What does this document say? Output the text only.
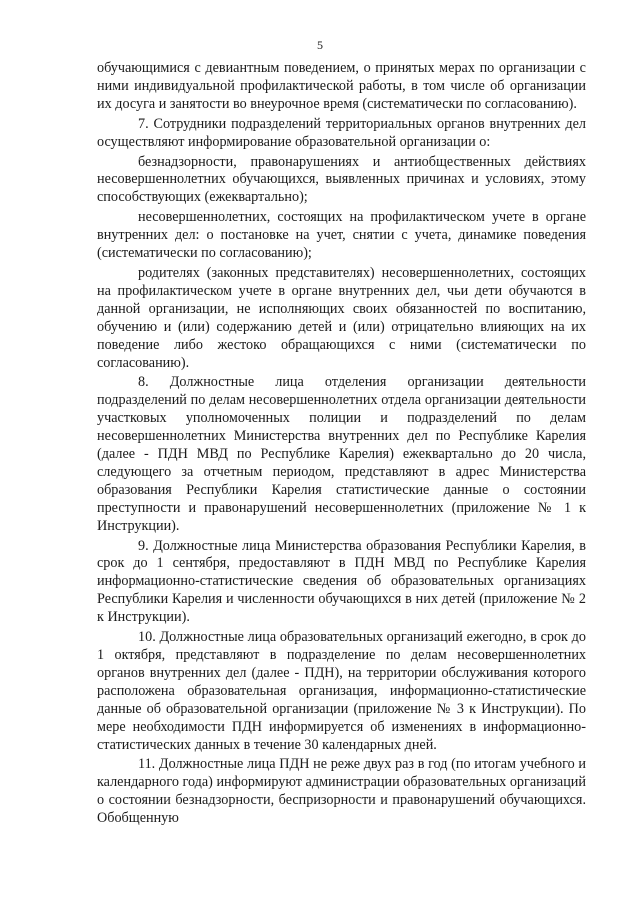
5

обучающимися с девиантным поведением, о принятых мерах по организации с ними индивидуальной профилактической работы, в том числе об организации их досуга и занятости во внеурочное время (систематически по согласованию).

7. Сотрудники подразделений территориальных органов внутренних дел осуществляют информирование образовательной организации о:

безнадзорности, правонарушениях и антиобщественных действиях несовершеннолетних обучающихся, выявленных причинах и условиях, этому способствующих (ежеквартально);

несовершеннолетних, состоящих на профилактическом учете в органе внутренних дел: о постановке на учет, снятии с учета, динамике поведения (систематически по согласованию);

родителях (законных представителях) несовершеннолетних, состоящих на профилактическом учете в органе внутренних дел, чьи дети обучаются в данной организации, не исполняющих своих обязанностей по воспитанию, обучению и (или) содержанию детей и (или) отрицательно влияющих на их поведение либо жестоко обращающихся с ними (систематически по согласованию).

8. Должностные лица отделения организации деятельности подразделений по делам несовершеннолетних отдела организации деятельности участковых уполномоченных полиции и подразделений по делам несовершеннолетних Министерства внутренних дел по Республике Карелия (далее - ПДН МВД по Республике Карелия) ежеквартально до 20 числа, следующего за отчетным периодом, представляют в адрес Министерства образования Республики Карелия статистические данные о состоянии преступности и правонарушений несовершеннолетних (приложение № 1 к Инструкции).

9. Должностные лица Министерства образования Республики Карелия, в срок до 1 сентября, предоставляют в ПДН МВД по Республике Карелия информационно-статистические сведения об образовательных организациях Республики Карелия и численности обучающихся в них детей (приложение № 2 к Инструкции).

10. Должностные лица образовательных организаций ежегодно, в срок до 1 октября, представляют в подразделение по делам несовершеннолетних органов внутренних дел (далее - ПДН), на территории обслуживания которого расположена образовательная организация, информационно-статистические данные об образовательной организации (приложение № 3 к Инструкции). По мере необходимости ПДН информируется об изменениях в информационно-статистических данных в течение 30 календарных дней.

11. Должностные лица ПДН не реже двух раз в год (по итогам учебного и календарного года) информируют администрации образовательных организаций о состоянии безнадзорности, беспризорности и правонарушений обучающихся. Обобщенную
